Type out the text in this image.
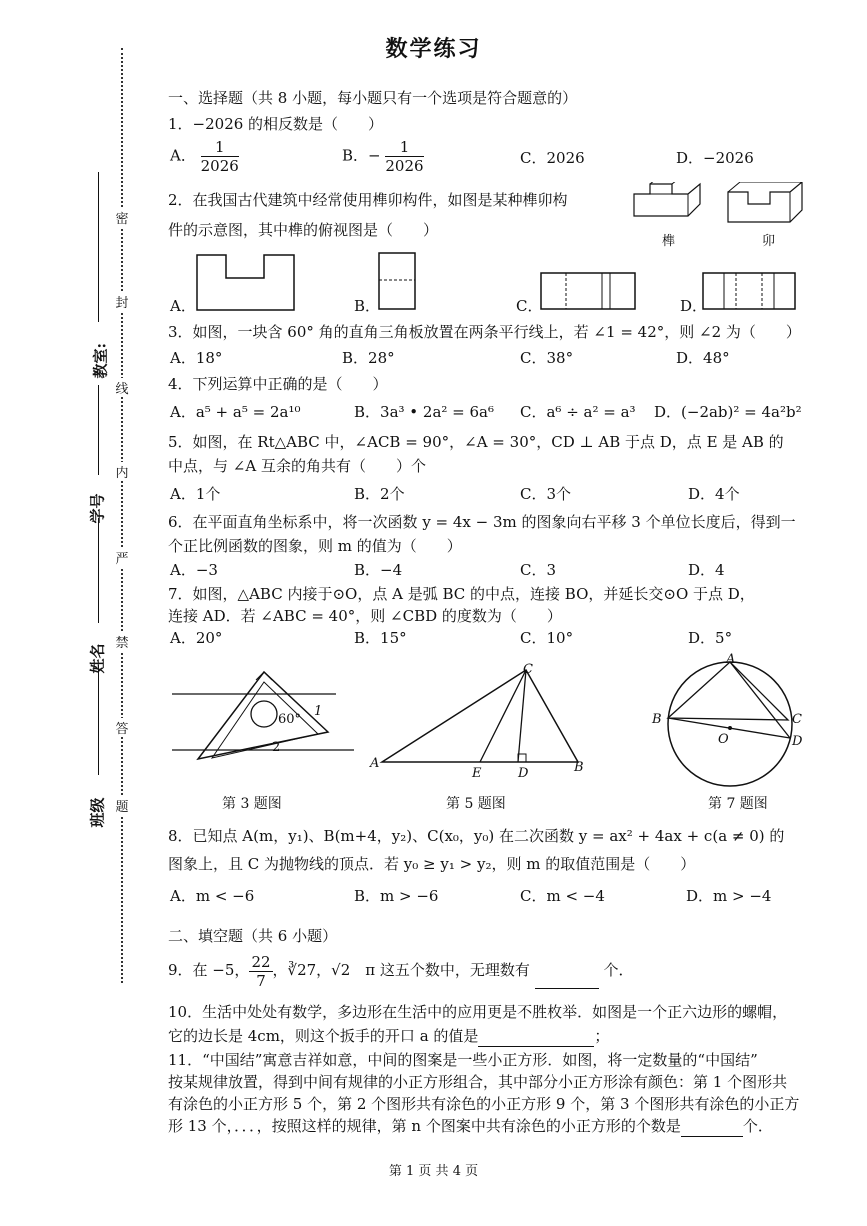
密
封
线
内
严
禁
答
题
教室:
学号
姓名
班级
数学练习
一、选择题（共 8 小题，每小题只有一个选项是符合题意的）
1．−2026 的相反数是（　　）
A． $\frac{1}{2026}$	B．− $\frac{1}{2026}$	C．2026	D．−2026
2．在我国古代建筑中经常使用榫卯构件，如图是某种榫卯构
件的示意图，其中榫的俯视图是（　　）
榫	卯
A．	B．	C．	D．
3．如图，一块含 60° 角的直角三角板放置在两条平行线上，若 ∠1 = 42°，则 ∠2 为（　　）
A．18°	B．28°	C．38°	D．48°
4．下列运算中正确的是（　　）
A．a⁵ + a⁵ = 2a¹⁰	B．3a³ • 2a² = 6a⁶ C．a⁶ ÷ a² = a³ D．(−2ab)² = 4a²b²
5．如图，在 Rt△ABC 中，∠ACB = 90°，∠A = 30°，CD ⊥ AB 于点 D，点 E 是 AB 的
中点，与 ∠A 互余的角共有（　　）个
A．1个	B．2个	C．3个	D．4个
6．在平面直角坐标系中，将一次函数 y = 4x − 3m 的图象向右平移 3 个单位长度后，得到一
个正比例函数的图象，则 m 的值为（　　）
A．−3	B．−4	C．3	D．4
7．如图，△ABC 内接于⊙O，点 A 是弧 BC 的中点，连接 BO，并延长交⊙O 于点 D，
连接 AD．若 ∠ABC = 40°，则 ∠CBD 的度数为（　　）
A．20°	B．15°	C．10°	D．5°
60°
1
2
C
A
E	D	B
A
B	C
D
O
第 3 题图	第 5 题图	第 7 题图
8．已知点 A(m，y₁)、B(m+4，y₂)、C(x₀，y₀) 在二次函数 y = ax² + 4ax + c(a ≠ 0) 的
图象上，且 C 为抛物线的顶点．若 y₀ ≥ y₁ > y₂，则 m 的取值范围是（　　）
A．m < −6	B．m > −6	C．m < −4	D．m > −4
二、填空题（共 6 小题）
9．在 −5， $\frac{22}{7}$ ，∛27，√2　π 这五个数中，无理数有	个．
10．生活中处处有数学，多边形在生活中的应用更是不胜枚举．如图是一个正六边形的螺帽，
它的边长是 4cm，则这个扳手的开口 a 的值是	；
11．“中国结”寓意吉祥如意，中间的图案是一些小正方形．如图，将一定数量的“中国结”
按某规律放置，得到中间有规律的小正方形组合，其中部分小正方形涂有颜色：第 1 个图形共
有涂色的小正方形 5 个，第 2 个图形共有涂色的小正方形 9 个，第 3 个图形共有涂色的小正方
形 13 个，．．．，按照这样的规律，第 n 个图案中共有涂色的小正方形的个数是	个．
第 1 页 共 4 页
